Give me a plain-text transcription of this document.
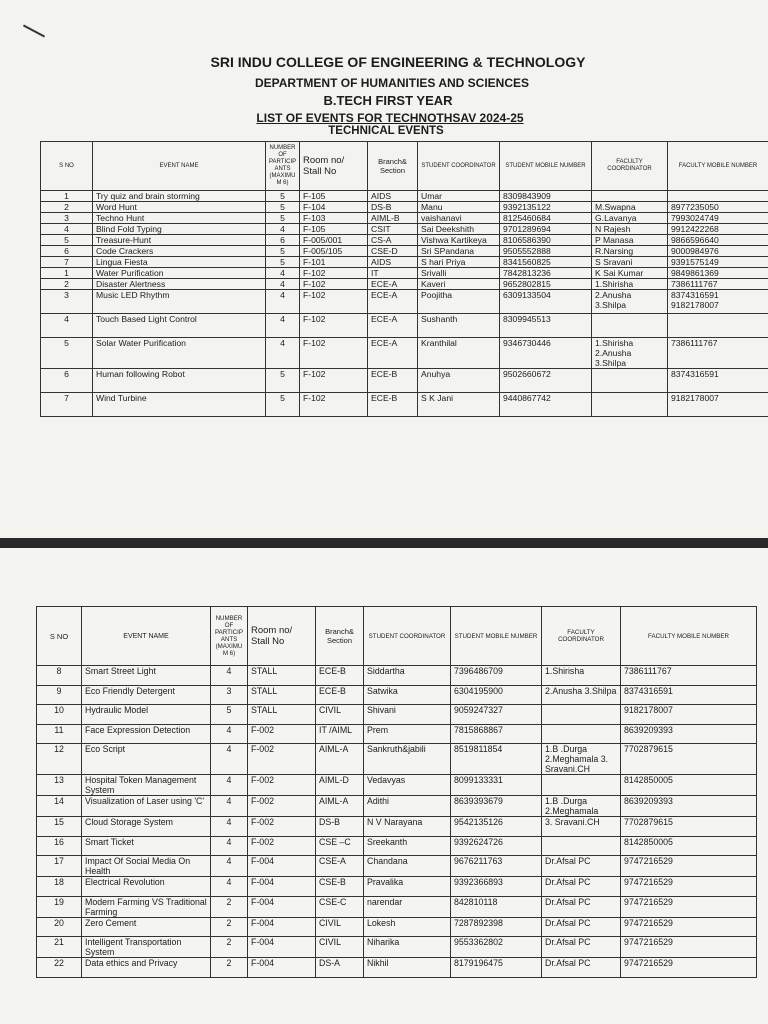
SRI INDU COLLEGE OF ENGINEERING & TECHNOLOGY
DEPARTMENT OF HUMANITIES AND SCIENCES
B.TECH FIRST YEAR
LIST OF EVENTS FOR TECHNOTHSAV 2024-25
TECHNICAL EVENTS
S NO	EVENT NAME	NUMBER OF PARTICIP ANTS (MAXIMU M 6)	Room no/ Stall No	Branch& Section	STUDENT COORDINATOR	STUDENT MOBILE NUMBER	FACULTY COORDINATOR	FACULTY MOBILE NUMBER
1	Try quiz and brain storming	5	F-105	AIDS	Umar	8309843909		
2	Word Hunt	5	F-104	DS-B	Manu	9392135122	M.Swapna	8977235050
3	Techno Hunt	5	F-103	AIML-B	vaishanavi	8125460684	G.Lavanya	7993024749
4	Blind Fold Typing	4	F-105	CSIT	Sai Deekshith	9701289694	N Rajesh	9912422268
5	Treasure-Hunt	6	F-005/001	CS-A	Vishwa Kartikeya	8106586390	P Manasa	9866596640
6	Code Crackers	5	F-005/105	CSE-D	Sri SPandana	9505552888	R.Narsing	9000984976
7	Lingua Fiesta	5	F-101	AIDS	S hari Priya	8341560825	S Sravani	9391575149
1	Water Purification	4	F-102	IT	Srivalli	7842813236	K Sai Kumar	9849861369
2	Disaster Alertness	4	F-102	ECE-A	Kaveri	9652802815	1.Shirisha	7386111767
3	Music LED Rhythm	4	F-102	ECE-A	Poojitha	6309133504	2.Anusha 3.Shilpa	8374316591 9182178007
4	Touch Based Light Control	4	F-102	ECE-A	Sushanth	8309945513		
5	Solar Water Purification	4	F-102	ECE-A	Kranthilal	9346730446	1.Shirisha 2.Anusha 3.Shilpa	7386111767
6	Human following Robot	5	F-102	ECE-B	Anuhya	9502660672		8374316591
7	Wind Turbine	5	F-102	ECE-B	S K Jani	9440867742		9182178007
S NO	EVENT NAME	NUMBER OF PARTICIP ANTS (MAXIMU M 6)	Room no/ Stall No	Branch& Section	STUDENT COORDINATOR	STUDENT MOBILE NUMBER	FACULTY COORDINATOR	FACULTY MOBILE NUMBER
8	Smart Street Light	4	STALL	ECE-B	Siddartha	7396486709	1.Shirisha	7386111767
9	Eco Friendly Detergent	3	STALL	ECE-B	Satwika	6304195900	2.Anusha 3.Shilpa	8374316591
10	Hydraulic Model	5	STALL	CIVIL	Shivani	9059247327		9182178007
11	Face Expression Detection	4	F-002	IT /AIML	Prem	7815868867		8639209393
12	Eco Script	4	F-002	AIML-A	Sankruth&jabili	8519811854	1.B .Durga 2.Meghamala 3. Sravani.CH	7702879615
13	Hospital Token Management System	4	F-002	AIML-D	Vedavyas	8099133331		8142850005
14	Visualization of Laser using 'C'	4	F-002	AIML-A	Adithi	8639393679	1.B .Durga 2.Meghamala	8639209393
15	Cloud Storage System	4	F-002	DS-B	N V Narayana	9542135126	3. Sravani.CH	7702879615
16	Smart Ticket	4	F-002	CSE –C	Sreekanth	9392624726		8142850005
17	Impact Of Social Media On Health	4	F-004	CSE-A	Chandana	9676211763	Dr.Afsal PC	9747216529
18	Electrical Revolution	4	F-004	CSE-B	Pravalika	9392366893	Dr.Afsal PC	9747216529
19	Modern Farming VS Traditional Farming	2	F-004	CSE-C	narendar	842810118	Dr.Afsal PC	9747216529
20	Zero Cement	2	F-004	CIVIL	Lokesh	7287892398	Dr.Afsal PC	9747216529
21	Intelligent Transportation System	2	F-004	CIVIL	Niharika	9553362802	Dr.Afsal PC	9747216529
22	Data ethics and Privacy	2	F-004	DS-A	Nikhil	8179196475	Dr.Afsal PC	9747216529
